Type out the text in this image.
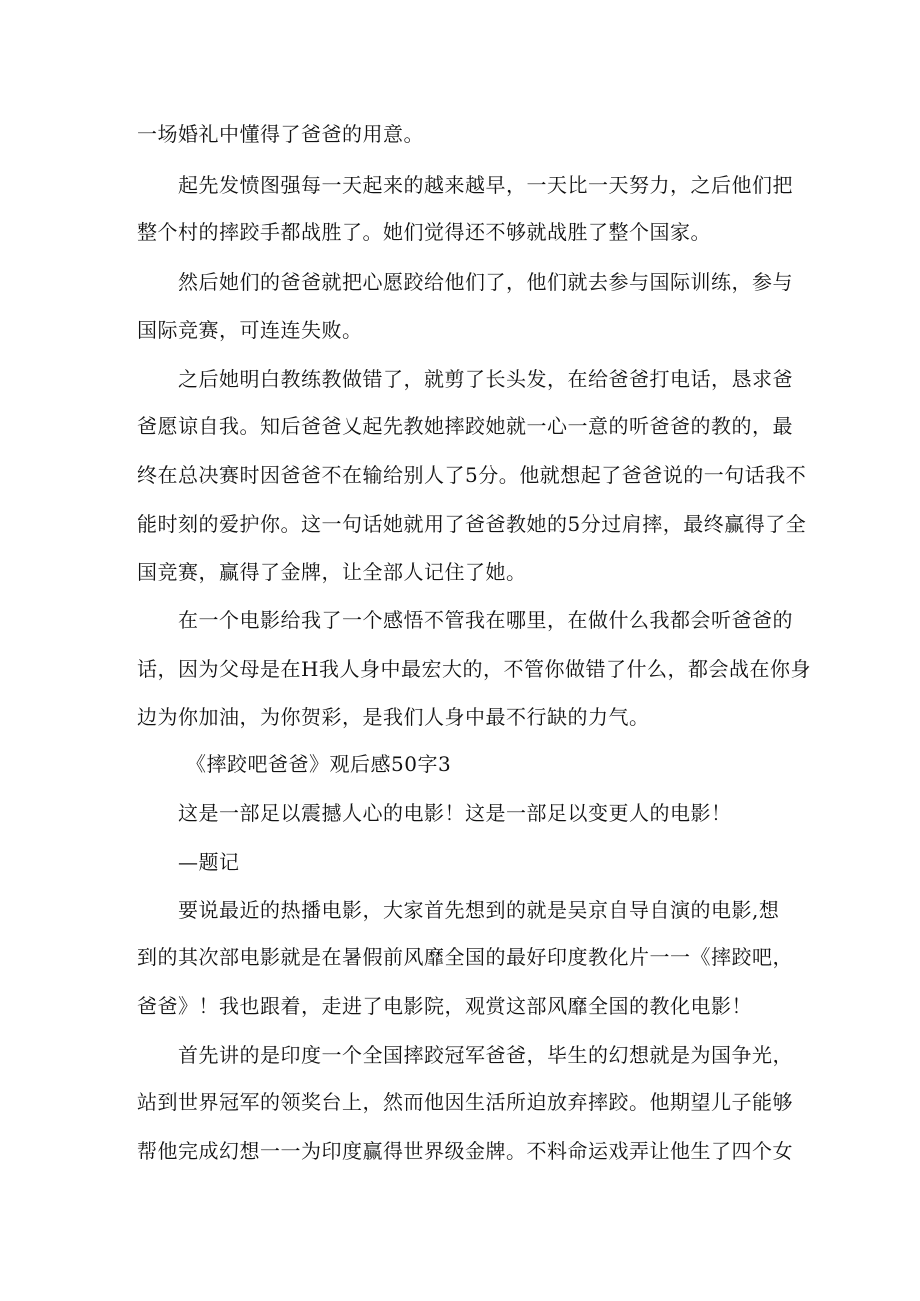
一场婚礼中懂得了爸爸的用意。
起先发愤图强每一天起来的越来越早，一天比一天努力，之后他们把
整个村的摔跤手都战胜了。她们觉得还不够就战胜了整个国家。
然后她们的爸爸就把心愿跤给他们了，他们就去参与国际训练，参与
国际竞赛，可连连失败。
之后她明白教练教做错了，就剪了长头发，在给爸爸打电话，恳求爸
爸愿谅自我。知后爸爸乂起先教她摔跤她就一心一意的听爸爸的教的，最
终在总决赛时因爸爸不在输给别人了5分。他就想起了爸爸说的一句话我不
能时刻的爱护你。这一句话她就用了爸爸教她的5分过肩摔，最终赢得了全
国竞赛，赢得了金牌，让全部人记住了她。
在一个电影给我了一个感悟不管我在哪里，在做什么我都会听爸爸的
话，因为父母是在H我人身中最宏大的，不管你做错了什么，都会战在你身
边为你加油，为你贺彩，是我们人身中最不行缺的力气。
《摔跤吧爸爸》观后感50字3
这是一部足以震撼人心的电影！这是一部足以变更人的电影！
—题记
要说最近的热播电影，大家首先想到的就是吴京自导自演的电影,想
到的其次部电影就是在暑假前风靡全国的最好印度教化片一一《摔跤吧，
爸爸》！我也跟着，走进了电影院，观赏这部风靡全国的教化电影！
首先讲的是印度一个全国摔跤冠军爸爸，毕生的幻想就是为国争光，
站到世界冠军的领奖台上，然而他因生活所迫放弃摔跤。他期望儿子能够
帮他完成幻想一一为印度赢得世界级金牌。不料命运戏弄让他生了四个女
